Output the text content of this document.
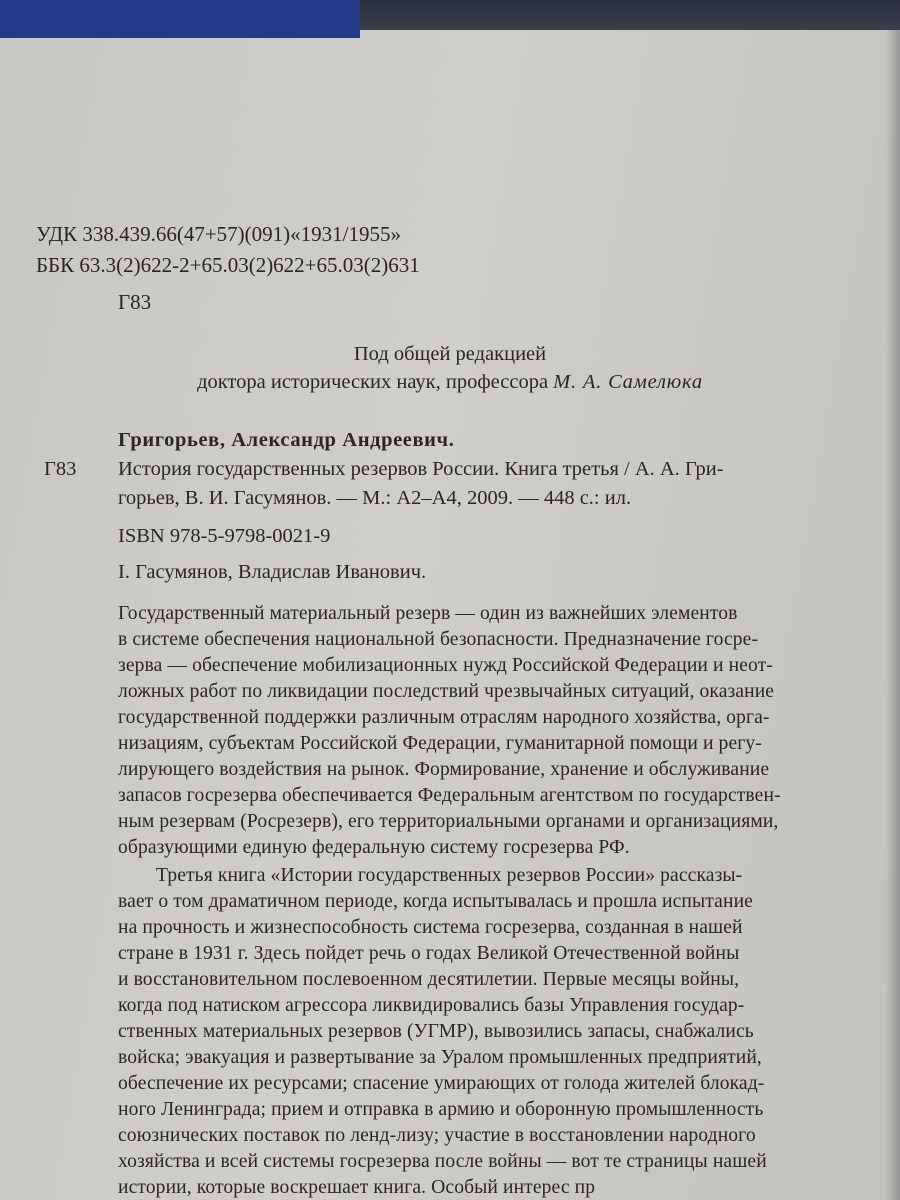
УДК 338.439.66(47+57)(091)«1931/1955»
ББК 63.3(2)622-2+65.03(2)622+65.03(2)631
Г83
Под общей редакцией
доктора исторических наук, профессора М. А. Самелюка
Григорьев, Александр Андреевич.
Г83 История государственных резервов России. Книга третья / А. А. Гри-
горьев, В. И. Гасумянов. — М.: А2–А4, 2009. — 448 с.: ил.
ISBN 978-5-9798-0021-9
I. Гасумянов, Владислав Иванович.
Государственный материальный резерв — один из важнейших элементов
в системе обеспечения национальной безопасности. Предназначение госре-
зерва — обеспечение мобилизационных нужд Российской Федерации и неот-
ложных работ по ликвидации последствий чрезвычайных ситуаций, оказание
государственной поддержки различным отраслям народного хозяйства, орга-
низациям, субъектам Российской Федерации, гуманитарной помощи и регу-
лирующего воздействия на рынок. Формирование, хранение и обслуживание
запасов госрезерва обеспечивается Федеральным агентством по государствен-
ным резервам (Росрезерв), его территориальными органами и организациями,
образующими единую федеральную систему госрезерва РФ.
Третья книга «Истории государственных резервов России» рассказы-
вает о том драматичном периоде, когда испытывалась и прошла испытание
на прочность и жизнеспособность система госрезерва, созданная в нашей
стране в 1931 г. Здесь пойдет речь о годах Великой Отечественной войны
и восстановительном послевоенном десятилетии. Первые месяцы войны,
когда под натиском агрессора ликвидировались базы Управления государ-
ственных материальных резервов (УГМР), вывозились запасы, снабжались
войска; эвакуация и развертывание за Уралом промышленных предприятий,
обеспечение их ресурсами; спасение умирающих от голода жителей блокад-
ного Ленинграда; прием и отправка в армию и оборонную промышленность
союзнических поставок по ленд-лизу; участие в восстановлении народного
хозяйства и всей системы госрезерва после войны — вот те страницы нашей
истории, которые воскрешает книга. Особый интерес пр
